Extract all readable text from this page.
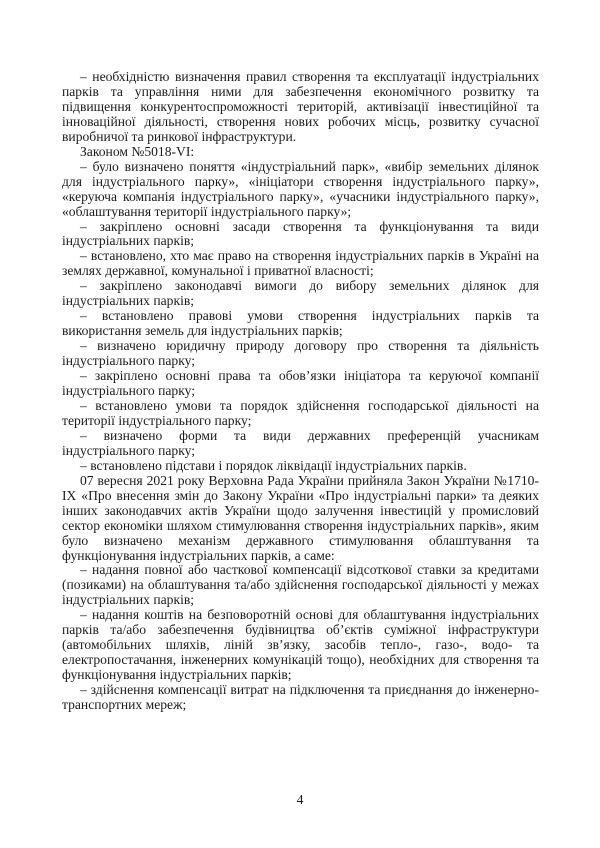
– необхідністю визначення правил створення та експлуатації індустріальних парків та управління ними для забезпечення економічного розвитку та підвищення конкурентоспроможності територій, активізації інвестиційної та інноваційної діяльності, створення нових робочих місць, розвитку сучасної виробничої та ринкової інфраструктури.

Законом №5018-VI:

– було визначено поняття «індустріальний парк», «вибір земельних ділянок для індустріального парку», «ініціатори створення індустріального парку», «керуюча компанія індустріального парку», «учасники індустріального парку», «облаштування території індустріального парку»;

– закріплено основні засади створення та функціонування та види індустріальних парків;

– встановлено, хто має право на створення індустріальних парків в Україні на землях державної, комунальної і приватної власності;

– закріплено законодавчі вимоги до вибору земельних ділянок для індустріальних парків;

– встановлено правові умови створення індустріальних парків та використання земель для індустріальних парків;

– визначено юридичну природу договору про створення та діяльність індустріального парку;

– закріплено основні права та обов’язки ініціатора та керуючої компанії індустріального парку;

– встановлено умови та порядок здійснення господарської діяльності на території індустріального парку;

– визначено форми та види державних преференцій учасникам індустріального парку;

– встановлено підстави і порядок ліквідації індустріальних парків.

07 вересня 2021 року Верховна Рада України прийняла Закон України №1710-IX «Про внесення змін до Закону України «Про індустріальні парки» та деяких інших законодавчих актів України щодо залучення інвестицій у промисловий сектор економіки шляхом стимулювання створення індустріальних парків», яким було визначено механізм державного стимулювання облаштування та функціонування індустріальних парків, а саме:

– надання повної або часткової компенсації відсоткової ставки за кредитами (позиками) на облаштування та/або здійснення господарської діяльності у межах індустріальних парків;

– надання коштів на безповоротній основі для облаштування індустріальних парків та/або забезпечення будівництва об’єктів суміжної інфраструктури (автомобільних шляхів, ліній зв’язку, засобів тепло-, газо-, водо- та електропостачання, інженерних комунікацій тощо), необхідних для створення та функціонування індустріальних парків;

– здійснення компенсації витрат на підключення та приєднання до інженерно-транспортних мереж;

4
